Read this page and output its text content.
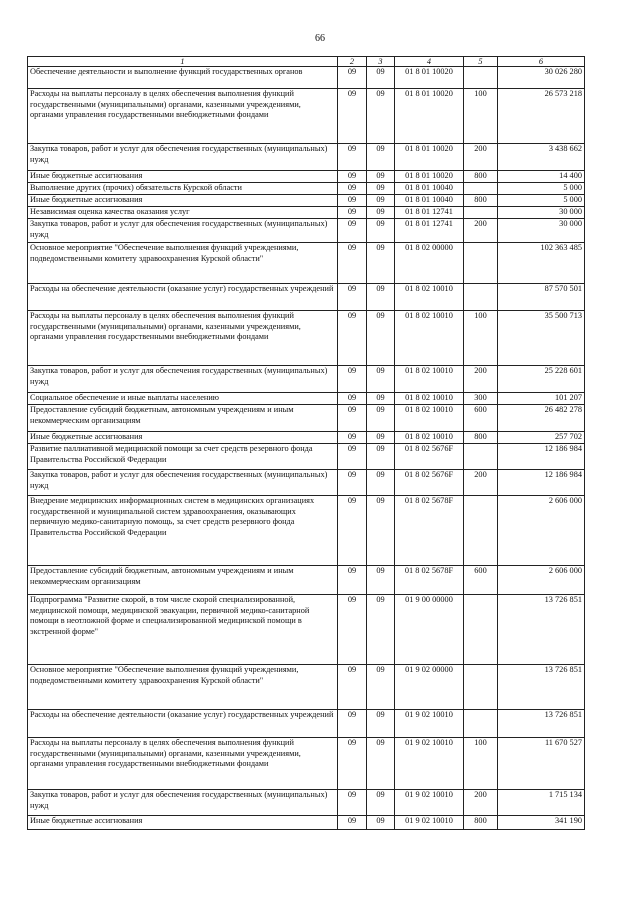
66
1	2	3	4	5	6
Обеспечение деятельности и выполнение функций государственных органов	09	09	01 8 01 10020		30 026 280
Расходы на выплаты персоналу в целях обеспечения выполнения функций государственными (муниципальными) органами, казенными учреждениями, органами управления государственными внебюджетными фондами	09	09	01 8 01 10020	100	26 573 218
Закупка товаров, работ и услуг для обеспечения государственных (муниципальных) нужд	09	09	01 8 01 10020	200	3 438 662
Иные бюджетные ассигнования	09	09	01 8 01 10020	800	14 400
Выполнение других (прочих) обязательств Курской области	09	09	01 8 01 10040		5 000
Иные бюджетные ассигнования	09	09	01 8 01 10040	800	5 000
Независимая оценка качества оказания услуг	09	09	01 8 01 12741		30 000
Закупка товаров, работ и услуг для обеспечения государственных (муниципальных) нужд	09	09	01 8 01 12741	200	30 000
Основное мероприятие "Обеспечение выполнения функций учреждениями, подведомственными комитету здравоохранения Курской области"	09	09	01 8 02 00000		102 363 485
Расходы на обеспечение деятельности (оказание услуг) государственных учреждений	09	09	01 8 02 10010		87 570 501
Расходы на выплаты персоналу в целях обеспечения выполнения функций государственными (муниципальными) органами, казенными учреждениями, органами управления государственными внебюджетными фондами	09	09	01 8 02 10010	100	35 500 713
Закупка товаров, работ и услуг для обеспечения государственных (муниципальных) нужд	09	09	01 8 02 10010	200	25 228 601
Социальное обеспечение и иные выплаты населению	09	09	01 8 02 10010	300	101 207
Предоставление субсидий бюджетным, автономным учреждениям и иным некоммерческим организациям	09	09	01 8 02 10010	600	26 482 278
Иные бюджетные ассигнования	09	09	01 8 02 10010	800	257 702
Развитие паллиативной медицинской помощи за счет средств резервного фонда Правительства Российской Федерации	09	09	01 8 02 5676F		12 186 984
Закупка товаров, работ и услуг для обеспечения государственных (муниципальных) нужд	09	09	01 8 02 5676F	200	12 186 984
Внедрение медицинских информационных систем в медицинских организациях государственной и муниципальной систем здравоохранения, оказывающих первичную медико-санитарную помощь, за счет средств резервного фонда Правительства Российской Федерации	09	09	01 8 02 5678F		2 606 000
Предоставление субсидий бюджетным, автономным учреждениям и иным некоммерческим организациям	09	09	01 8 02 5678F	600	2 606 000
Подпрограмма "Развитие скорой, в том числе скорой специализированной, медицинской помощи, медицинской эвакуации, первичной медико-санитарной помощи в неотложной форме и специализированной медицинской помощи в экстренной форме"	09	09	01 9 00 00000		13 726 851
Основное мероприятие "Обеспечение выполнения функций учреждениями, подведомственными комитету здравоохранения Курской области"	09	09	01 9 02 00000		13 726 851
Расходы на обеспечение деятельности (оказание услуг) государственных учреждений	09	09	01 9 02 10010		13 726 851
Расходы на выплаты персоналу в целях обеспечения выполнения функций государственными (муниципальными) органами, казенными учреждениями, органами управления государственными внебюджетными фондами	09	09	01 9 02 10010	100	11 670 527
Закупка товаров, работ и услуг для обеспечения государственных (муниципальных) нужд	09	09	01 9 02 10010	200	1 715 134
Иные бюджетные ассигнования	09	09	01 9 02 10010	800	341 190
